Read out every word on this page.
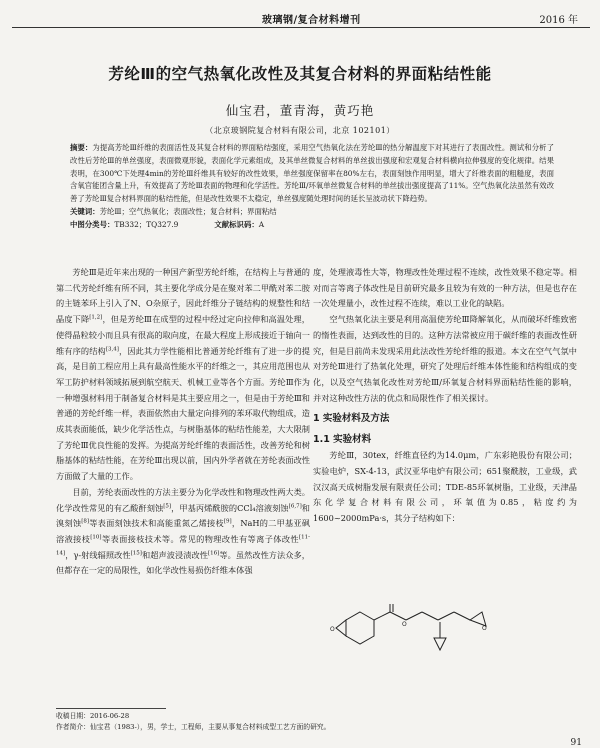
玻璃钢/复合材料增刊	2016 年
芳纶Ⅲ的空气热氧化改性及其复合材料的界面粘结性能
仙宝君，董青海，黄巧艳
（北京玻钢院复合材料有限公司，北京 102101）
摘要：为提高芳纶Ⅲ纤维的表面活性及其复合材料的界面粘结强度，采用空气热氧化法在芳纶Ⅲ的热分解温度下对其进行了表面改性。测试和分析了改性后芳纶Ⅲ的单丝强度，表面微观形貌，表面化学元素组成，及其单丝微复合材料的单丝拔出强度和宏观复合材料横向拉伸强度的变化规律。结果表明，在300℃下处理4min的芳纶Ⅲ纤维具有较好的改性效果，单丝强度保留率在80%左右，表面刻蚀作用明显，增大了纤维表面的粗糙度，表面含氧官能团含量上升，有效提高了芳纶Ⅲ表面的物理和化学活性。芳纶Ⅲ/环氧单丝微复合材料的单丝拔出强度提高了11%。空气热氧化法虽然有效改善了芳纶Ⅲ复合材料界面的粘结性能，但是改性效果不太稳定，单丝强度随处理时间的延长呈波动状下降趋势。
关键词：芳纶Ⅲ；空气热氧化；表面改性；复合材料；界面粘结
中图分类号：TB332；TQ327.9	文献标识码：A

芳纶Ⅲ是近年来出现的一种国产新型芳纶纤维，在结构上与普通的第二代芳纶纤维有所不同，其主要化学成分是在聚对苯二甲酰对苯二胺的主链苯环上引入了N、O杂原子，因此纤维分子链结构的规整性和结晶度下降[1,2]，但是芳纶Ⅲ在成型的过程中经过定向拉伸和高温处理，使得晶粒较小而且具有很高的取向度，在最大程度上形成接近于轴向一维有序的结构[3,4]，因此其力学性能相比普通芳纶纤维有了进一步的提高，是目前工程应用上具有最高性能水平的纤维之一，其应用范围也从军工防护材料领域拓展到航空航天、机械工业等各个方面。芳纶Ⅲ作为一种增强材料用于制备复合材料是其主要应用之一，但是由于芳纶Ⅲ和普通的芳纶纤维一样，表面依然由大量定向排列的苯环取代物组成，造成其表面能低，缺少化学活性点，与树脂基体的粘结性能差，大大限制了芳纶Ⅲ优良性能的发挥。为提高芳纶纤维的表面活性，改善芳纶和树脂基体的粘结性能，在芳纶Ⅲ出现以前，国内外学者就在芳纶表面改性方面做了大量的工作。

目前，芳纶表面改性的方法主要分为化学改性和物理改性两大类。化学改性常见的有乙酸酐刻蚀[5]，甲基丙烯酰胺的CCl₄溶液刻蚀[6,7]和溴刻蚀[8]等表面刻蚀技术和高能重氮乙烯接枝[9]，NaH的二甲基亚砜溶液接枝[10]等表面接枝技术等。常见的物理改性有等离子体改性[11-14]，γ-射线辐照改性[15]和超声波浸渍改性[16]等。虽然改性方法众多，但都存在一定的局限性，如化学改性易损伤纤维本体强

度，处理液毒性大等，物理改性处理过程不连续，改性效果不稳定等。相对而言等离子体改性是目前研究最多且较为有效的一种方法，但是也存在一次处理量小，改性过程不连续，难以工业化的缺陷。

空气热氧化法主要是利用高温使芳纶Ⅲ降解氧化，从而破坏纤维致密的惰性表面，达到改性的目的。这种方法常被应用于碳纤维的表面改性研究，但是目前尚未发现采用此法改性芳纶纤维的报道。本文在空气气氛中对芳纶Ⅲ进行了热氧化处理，研究了处理后纤维本体性能和结构组成的变化，以及空气热氧化改性对芳纶Ⅲ/环氧复合材料界面粘结性能的影响，并对这种改性方法的优点和局限性作了相关探讨。

1 实验材料及方法
1.1 实验材料

芳纶Ⅲ，30tex，纤维直径约为14.0μm，广东彩艳股份有限公司；实验电炉，SX-4-13，武汉亚华电炉有限公司；651聚酰胺，工业级，武汉汉高天成树脂发展有限责任公司；TDE-85环氧树脂，工业级，天津晶东化学复合材料有限公司，环氧值为0.85，粘度约为1600~2000mPa·s，其分子结构如下：

O
O
O
收稿日期：2016-06-28
作者简介：仙宝君（1983-），男，学士，工程师，主要从事复合材料成型工艺方面的研究。
91
